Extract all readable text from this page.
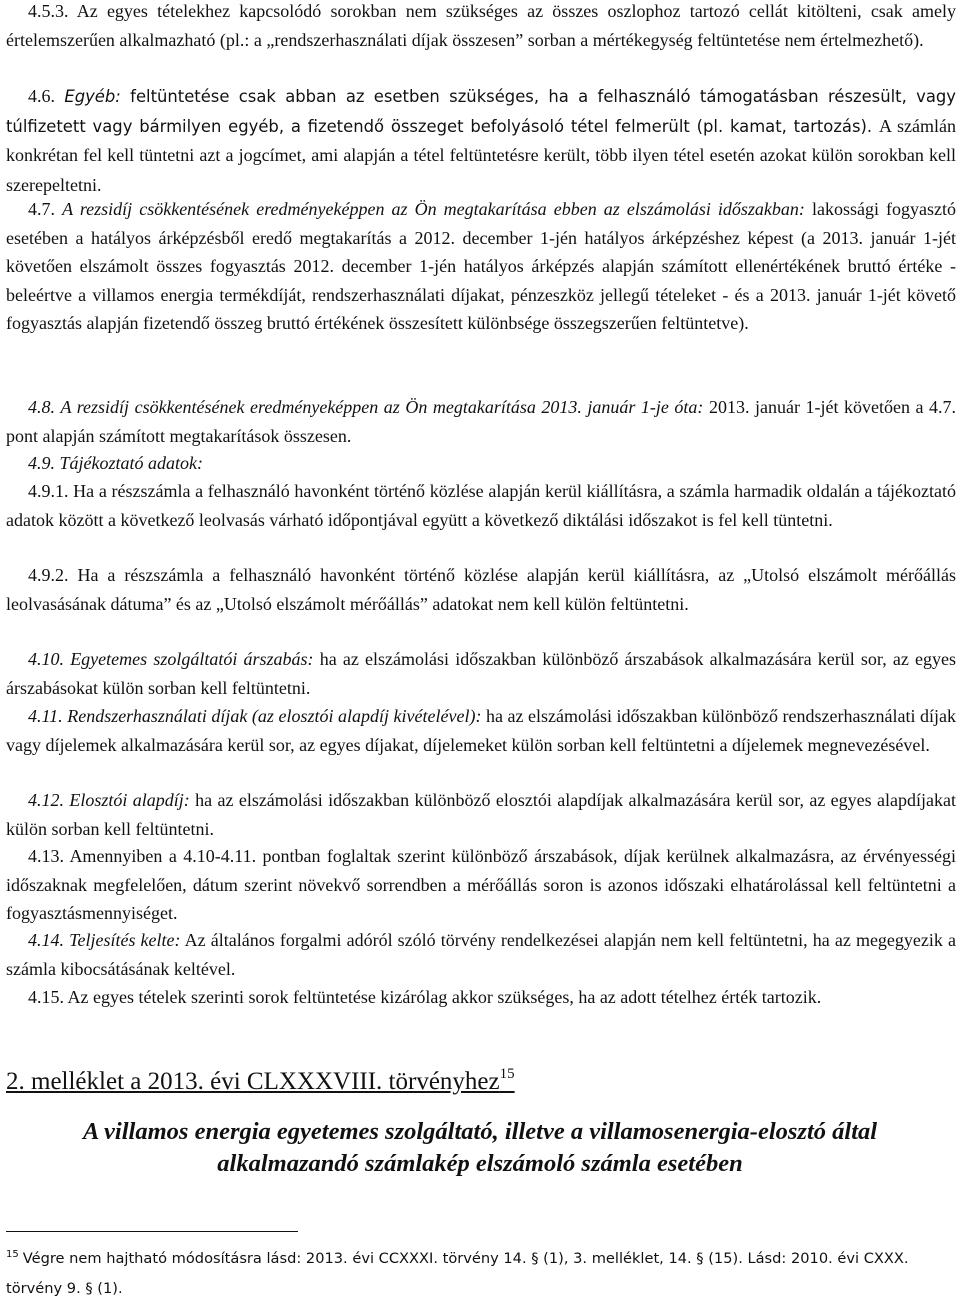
4.5.3. Az egyes tételekhez kapcsolódó sorokban nem szükséges az összes oszlophoz tartozó cellát kitölteni, csak amely értelemszerűen alkalmazható (pl.: a „rendszerhasználati díjak összesen” sorban a mértékegység feltüntetése nem értelmezhető).

4.6. Egyéb: feltüntetése csak abban az esetben szükséges, ha a felhasználó támogatásban részesült, vagy túlfizetett vagy bármilyen egyéb, a fizetendő összeget befolyásoló tétel felmerült (pl. kamat, tartozás). A számlán konkrétan fel kell tüntetni azt a jogcímet, ami alapján a tétel feltüntetésre került, több ilyen tétel esetén azokat külön sorokban kell szerepeltetni.

4.7. A rezsidíj csökkentésének eredményeképpen az Ön megtakarítása ebben az elszámolási időszakban: lakossági fogyasztó esetében a hatályos árképzésből eredő megtakarítás a 2012. december 1-jén hatályos árképzéshez képest (a 2013. január 1-jét követően elszámolt összes fogyasztás 2012. december 1-jén hatályos árképzés alapján számított ellenértékének bruttó értéke - beleértve a villamos energia termékdíját, rendszerhasználati díjakat, pénzeszköz jellegű tételeket - és a 2013. január 1-jét követő fogyasztás alapján fizetendő összeg bruttó értékének összesített különbsége összegszerűen feltüntetve).

4.8. A rezsidíj csökkentésének eredményeképpen az Ön megtakarítása 2013. január 1-je óta: 2013. január 1-jét követően a 4.7. pont alapján számított megtakarítások összesen.

4.9. Tájékoztató adatok:

4.9.1. Ha a részszámla a felhasználó havonként történő közlése alapján kerül kiállításra, a számla harmadik oldalán a tájékoztató adatok között a következő leolvasás várható időpontjával együtt a következő diktálási időszakot is fel kell tüntetni.

4.9.2. Ha a részszámla a felhasználó havonként történő közlése alapján kerül kiállításra, az „Utolsó elszámolt mérőállás leolvasásának dátuma” és az „Utolsó elszámolt mérőállás” adatokat nem kell külön feltüntetni.

4.10. Egyetemes szolgáltatói árszabás: ha az elszámolási időszakban különböző árszabások alkalmazására kerül sor, az egyes árszabásokat külön sorban kell feltüntetni.

4.11. Rendszerhasználati díjak (az elosztói alapdíj kivételével): ha az elszámolási időszakban különböző rendszerhasználati díjak vagy díjelemek alkalmazására kerül sor, az egyes díjakat, díjelemeket külön sorban kell feltüntetni a díjelemek megnevezésével.

4.12. Elosztói alapdíj: ha az elszámolási időszakban különböző elosztói alapdíjak alkalmazására kerül sor, az egyes alapdíjakat külön sorban kell feltüntetni.

4.13. Amennyiben a 4.10-4.11. pontban foglaltak szerint különböző árszabások, díjak kerülnek alkalmazásra, az érvényességi időszaknak megfelelően, dátum szerint növekvő sorrendben a mérőállás soron is azonos időszaki elhatárolással kell feltüntetni a fogyasztásmennyiséget.

4.14. Teljesítés kelte: Az általános forgalmi adóról szóló törvény rendelkezései alapján nem kell feltüntetni, ha az megegyezik a számla kibocsátásának keltével.

4.15. Az egyes tételek szerinti sorok feltüntetése kizárólag akkor szükséges, ha az adott tételhez érték tartozik.

2. melléklet a 2013. évi CLXXXVIII. törvényhez$^{15}$
A villamos energia egyetemes szolgáltató, illetve a villamosenergia-elosztó által
alkalmazandó számlakép elszámoló számla esetében

$^{15}$ Végre nem hajtható módosításra lásd: 2013. évi CCXXXI. törvény 14. § (1), 3. melléklet, 14. § (15). Lásd: 2010. évi CXXX. törvény 9. § (1).
